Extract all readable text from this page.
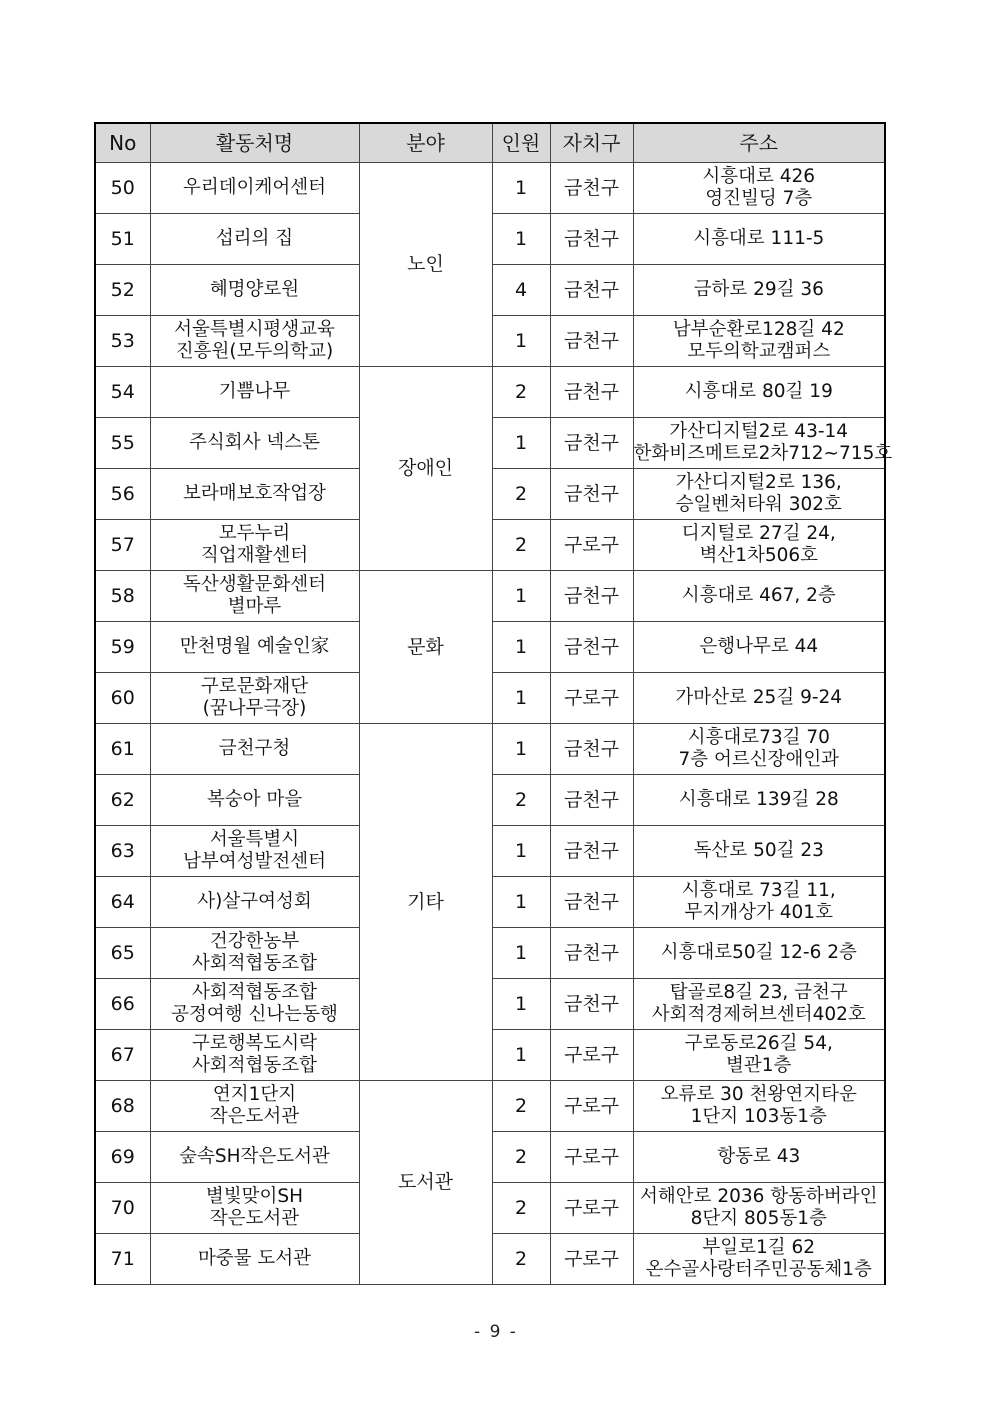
No	활동처명	분야	인원	자치구	주소
50	우리데이케어센터	노인	1	금천구	시흥대로 426
영진빌딩 7층

51	섭리의 집		1	금천구	시흥대로 111-5

52	혜명양로원		4	금천구	금하로 29길 36

53	서울특별시평생교육
진흥원(모두의학교)		1	금천구	남부순환로128길 42
모두의학교캠퍼스

54	기쁨나무	장애인	2	금천구	시흥대로 80길 19

55	주식회사 넥스톤		1	금천구	가산디지털2로 43-14
한화비즈메트로2차712~715호

56	보라매보호작업장		2	금천구	가산디지털2로 136,
승일벤처타워 302호

57	모두누리
직업재활센터		2	구로구	디지털로 27길 24,
벽산1차506호

58	독산생활문화센터
별마루	문화	1	금천구	시흥대로 467, 2층

59	만천명월 예술인家		1	금천구	은행나무로 44

60	구로문화재단
(꿈나무극장)		1	구로구	가마산로 25길 9-24

61	금천구청	기타	1	금천구	시흥대로73길 70
7층 어르신장애인과

62	복숭아 마을		2	금천구	시흥대로 139길 28

63	서울특별시
남부여성발전센터		1	금천구	독산로 50길 23

64	사)살구여성회		1	금천구	시흥대로 73길 11,
무지개상가 401호

65	건강한농부
사회적협동조합		1	금천구	시흥대로50길 12-6 2층

66	사회적협동조합
공정여행 신나는동행		1	금천구	탑골로8길 23, 금천구
사회적경제허브센터402호

67	구로행복도시락
사회적협동조합		1	구로구	구로동로26길 54,
별관1층

68	연지1단지
작은도서관	도서관	2	구로구	오류로 30 천왕연지타운
1단지 103동1층

69	숲속SH작은도서관		2	구로구	항동로 43

70	별빛맞이SH
작은도서관		2	구로구	서해안로 2036 항동하버라인
8단지 805동1층

71	마중물 도서관		2	구로구	부일로1길 62
온수골사랑터주민공동체1층
- 9 -
